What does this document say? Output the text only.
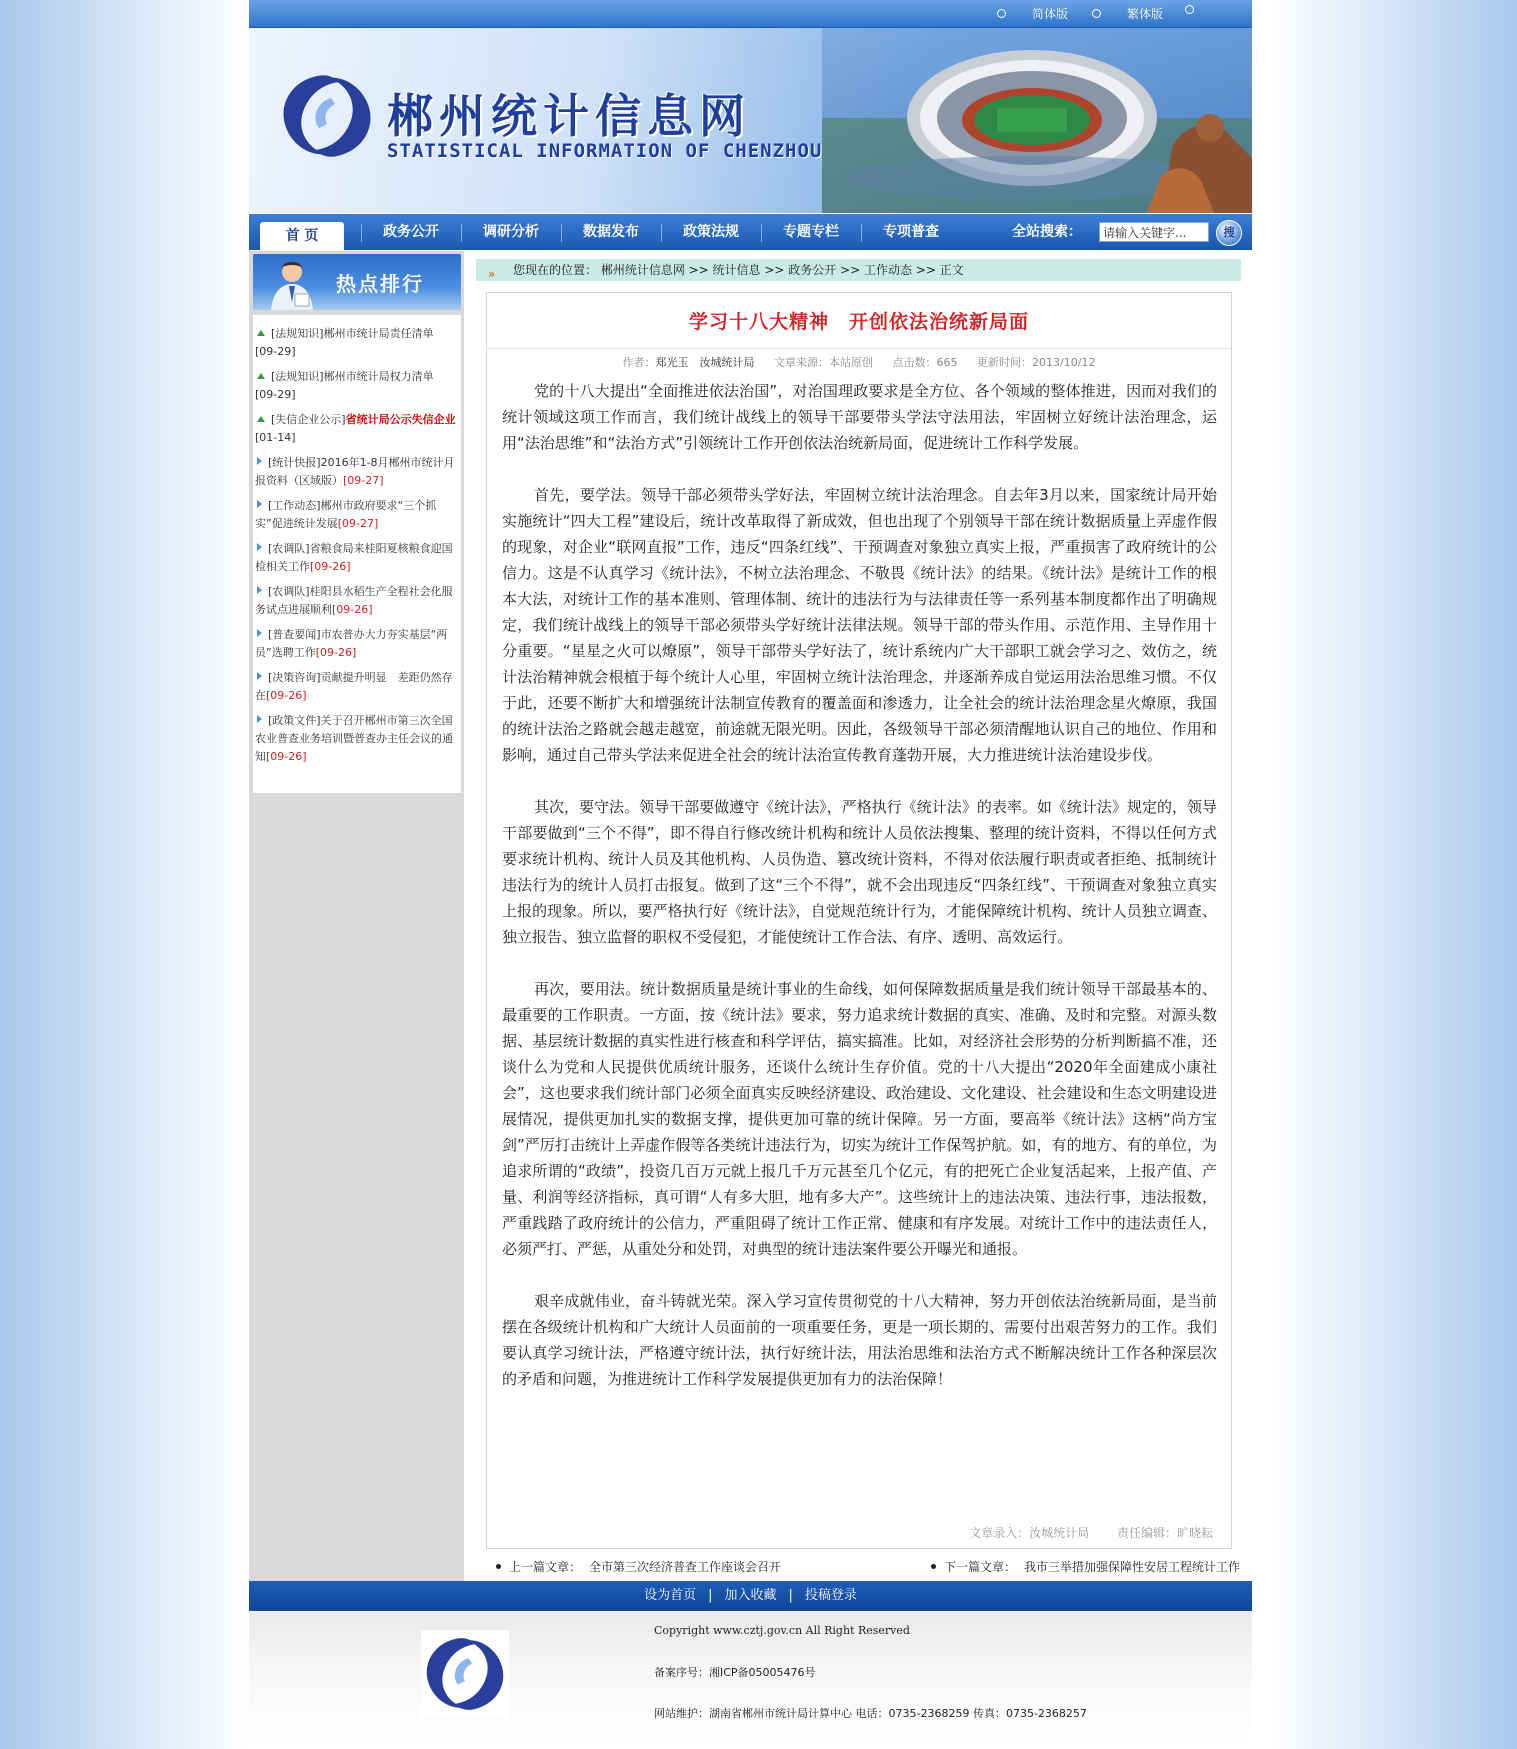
简体版	繁体版
郴州统计信息网
STATISTICAL INFORMATION OF CHENZHOU
首 页	政务公开	调研分析	数据发布	政策法规	专题专栏	专项普查	全站搜索：
请输入关键字...	搜
热点排行
[法规知识]郴州市统计局责任清单
[09-29]
[法规知识]郴州市统计局权力清单
[09-29]
[失信企业公示]省统计局公示失信企业[01-14]
[统计快报]2016年1-8月郴州市统计月报资料（区域版）[09-27]
[工作动态]郴州市政府要求“三个抓实”促进统计发展[09-27]
[农调队]省粮食局来桂阳夏核粮食迎国检相关工作[09-26]
[农调队]桂阳县水稻生产全程社会化服务试点进展顺利[09-26]
[普查要闻]市农普办大力夯实基层“两员”选聘工作[09-26]
[决策咨询]贡献提升明显　差距仍然存在[09-26]
[政策文件]关于召开郴州市第三次全国农业普查业务培训暨普查办主任会议的通知[09-26]
» 您现在的位置： 郴州统计信息网 >> 统计信息 >> 政务公开 >> 工作动态 >> 正文
学习十八大精神　开创依法治统新局面
作者：郑光玉　汝城统计局 文章来源：本站原创 点击数：665 更新时间：2013/10/12

党的十八大提出“全面推进依法治国”，对治国理政要求是全方位、各个领域的整体推进，因而对我们的统计领域这项工作而言，我们统计战线上的领导干部要带头学法守法用法，牢固树立好统计法治理念，运用“法治思维”和“法治方式”引领统计工作开创依法治统新局面，促进统计工作科学发展。

首先，要学法。领导干部必须带头学好法，牢固树立统计法治理念。自去年3月以来，国家统计局开始实施统计“四大工程”建设后，统计改革取得了新成效，但也出现了个别领导干部在统计数据质量上弄虚作假的现象，对企业“联网直报”工作，违反“四条红线”、干预调查对象独立真实上报，严重损害了政府统计的公信力。这是不认真学习《统计法》，不树立法治理念、不敬畏《统计法》的结果。《统计法》是统计工作的根本大法，对统计工作的基本准则、管理体制、统计的违法行为与法律责任等一系列基本制度都作出了明确规定，我们统计战线上的领导干部必须带头学好统计法律法规。领导干部的带头作用、示范作用、主导作用十分重要。“星星之火可以燎原”，领导干部带头学好法了，统计系统内广大干部职工就会学习之、效仿之，统计法治精神就会根植于每个统计人心里，牢固树立统计法治理念，并逐渐养成自觉运用法治思维习惯。不仅于此，还要不断扩大和增强统计法制宣传教育的覆盖面和渗透力，让全社会的统计法治理念星火燎原，我国的统计法治之路就会越走越宽，前途就无限光明。因此，各级领导干部必须清醒地认识自己的地位、作用和影响，通过自己带头学法来促进全社会的统计法治宣传教育蓬勃开展，大力推进统计法治建设步伐。

其次，要守法。领导干部要做遵守《统计法》，严格执行《统计法》的表率。如《统计法》规定的，领导干部要做到“三个不得”，即不得自行修改统计机构和统计人员依法搜集、整理的统计资料，不得以任何方式要求统计机构、统计人员及其他机构、人员伪造、篡改统计资料，不得对依法履行职责或者拒绝、抵制统计违法行为的统计人员打击报复。做到了这“三个不得”，就不会出现违反“四条红线”、干预调查对象独立真实上报的现象。所以，要严格执行好《统计法》，自觉规范统计行为，才能保障统计机构、统计人员独立调查、独立报告、独立监督的职权不受侵犯，才能使统计工作合法、有序、透明、高效运行。

再次，要用法。统计数据质量是统计事业的生命线，如何保障数据质量是我们统计领导干部最基本的、最重要的工作职责。一方面，按《统计法》要求，努力追求统计数据的真实、准确、及时和完整。对源头数据、基层统计数据的真实性进行核查和科学评估，搞实搞准。比如，对经济社会形势的分析判断搞不准，还谈什么为党和人民提供优质统计服务，还谈什么统计生存价值。党的十八大提出“2020年全面建成小康社会”，这也要求我们统计部门必须全面真实反映经济建设、政治建设、文化建设、社会建设和生态文明建设进展情况，提供更加扎实的数据支撑，提供更加可靠的统计保障。另一方面，要高举《统计法》这柄“尚方宝剑”严厉打击统计上弄虚作假等各类统计违法行为，切实为统计工作保驾护航。如，有的地方、有的单位，为追求所谓的“政绩”，投资几百万元就上报几千万元甚至几个亿元，有的把死亡企业复活起来，上报产值、产量、利润等经济指标，真可谓“人有多大胆，地有多大产”。这些统计上的违法决策、违法行事，违法报数，严重践踏了政府统计的公信力，严重阻碍了统计工作正常、健康和有序发展。对统计工作中的违法责任人，必须严打、严惩，从重处分和处罚，对典型的统计违法案件要公开曝光和通报。

艰辛成就伟业，奋斗铸就光荣。深入学习宣传贯彻党的十八大精神，努力开创依法治统新局面，是当前摆在各级统计机构和广大统计人员面前的一项重要任务，更是一项长期的、需要付出艰苦努力的工作。我们要认真学习统计法，严格遵守统计法，执行好统计法，用法治思维和法治方式不断解决统计工作各种深层次的矛盾和问题，为推进统计工作科学发展提供更加有力的法治保障！

文章录入：汝城统计局 责任编辑：旷晓耘
上一篇文章： 全市第三次经济普查工作座谈会召开	下一篇文章： 我市三举措加强保障性安居工程统计工作
设为首页 | 加入收藏 | 投稿登录
Copyright www.cztj.gov.cn All Right Reserved
备案序号：湘ICP备05005476号
网站维护：湖南省郴州市统计局计算中心 电话：0735-2368259 传真：0735-2368257
